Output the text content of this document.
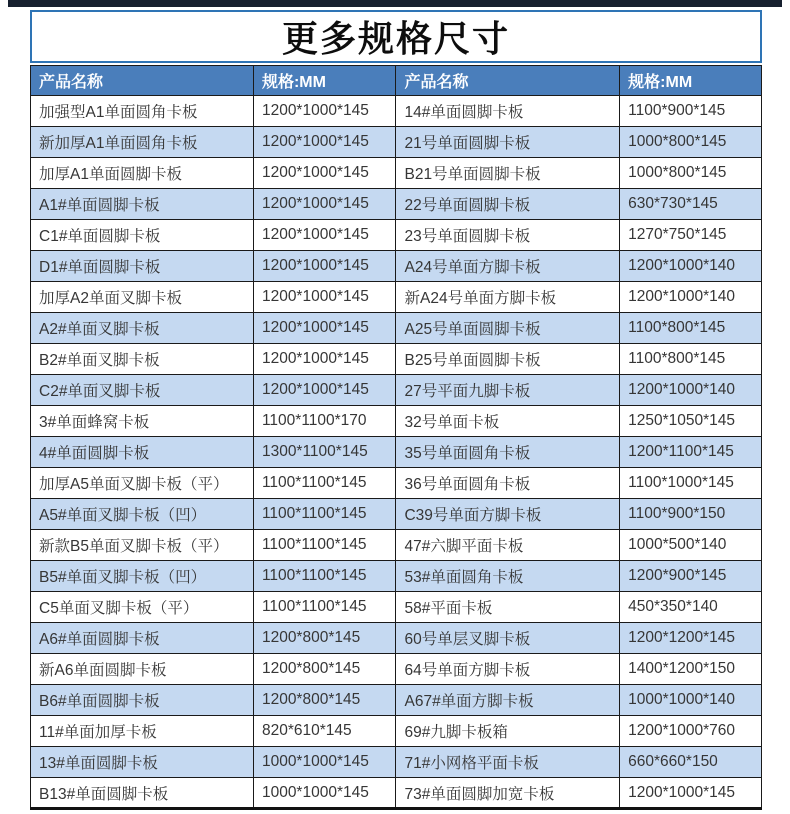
更多规格尺寸
产品名称	规格:MM	产品名称	规格:MM
加强型A1单面圆角卡板	1200*1000*145	14#单面圆脚卡板	1100*900*145
新加厚A1单面圆角卡板	1200*1000*145	21号单面圆脚卡板	1000*800*145
加厚A1单面圆脚卡板	1200*1000*145	B21号单面圆脚卡板	1000*800*145
A1#单面圆脚卡板	1200*1000*145	22号单面圆脚卡板	630*730*145
C1#单面圆脚卡板	1200*1000*145	23号单面圆脚卡板	1270*750*145
D1#单面圆脚卡板	1200*1000*145	A24号单面方脚卡板	1200*1000*140
加厚A2单面叉脚卡板	1200*1000*145	新A24号单面方脚卡板	1200*1000*140
A2#单面叉脚卡板	1200*1000*145	A25号单面圆脚卡板	1100*800*145
B2#单面叉脚卡板	1200*1000*145	B25号单面圆脚卡板	1100*800*145
C2#单面叉脚卡板	1200*1000*145	27号平面九脚卡板	1200*1000*140
3#单面蜂窝卡板	1100*1100*170	32号单面卡板	1250*1050*145
4#单面圆脚卡板	1300*1100*145	35号单面圆角卡板	1200*1100*145
加厚A5单面叉脚卡板（平）	1100*1100*145	36号单面圆角卡板	1100*1000*145
A5#单面叉脚卡板（凹）	1100*1100*145	C39号单面方脚卡板	1100*900*150
新款B5单面叉脚卡板（平）	1100*1100*145	47#六脚平面卡板	1000*500*140
B5#单面叉脚卡板（凹）	1100*1100*145	53#单面圆角卡板	1200*900*145
C5单面叉脚卡板（平）	1100*1100*145	58#平面卡板	450*350*140
A6#单面圆脚卡板	1200*800*145	60号单层叉脚卡板	1200*1200*145
新A6单面圆脚卡板	1200*800*145	64号单面方脚卡板	1400*1200*150
B6#单面圆脚卡板	1200*800*145	A67#单面方脚卡板	1000*1000*140
11#单面加厚卡板	820*610*145	69#九脚卡板箱	1200*1000*760
13#单面圆脚卡板	1000*1000*145	71#小网格平面卡板	660*660*150
B13#单面圆脚卡板	1000*1000*145	73#单面圆脚加宽卡板	1200*1000*145
